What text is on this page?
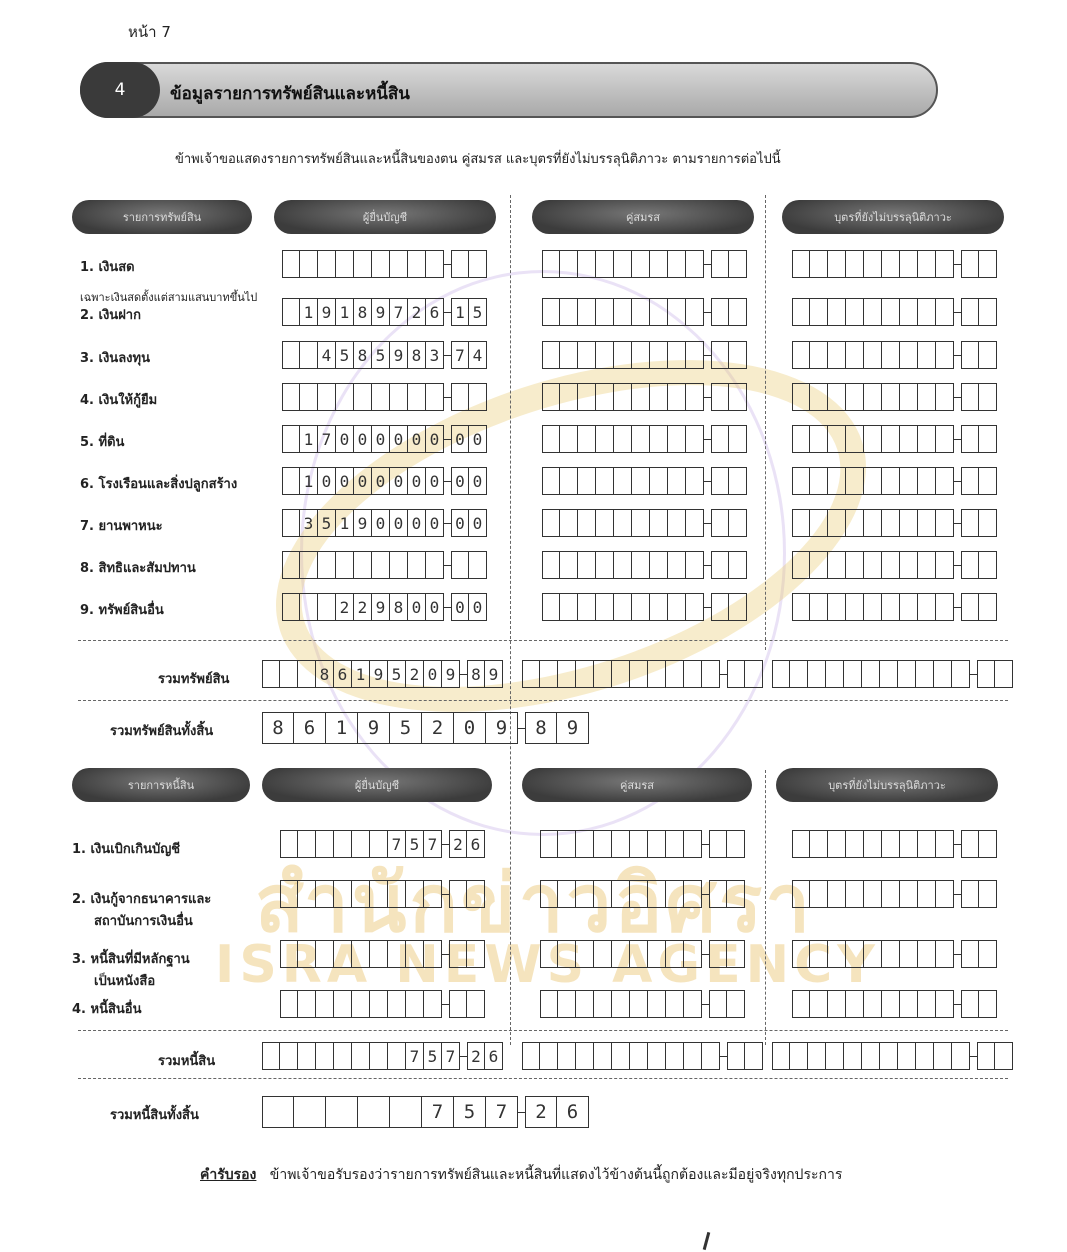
สำนักข่าวอิศรา
ISRA NEWS AGENCY
หน้า 7
4	ข้อมูลรายการทรัพย์สินและหนี้สิน
ข้าพเจ้าขอแสดงรายการทรัพย์สินและหนี้สินของตน คู่สมรส และบุตรที่ยังไม่บรรลุนิติภาวะ ตามรายการต่อไปนี้
รายการทรัพย์สิน	ผู้ยื่นบัญชี	คู่สมรส	บุตรที่ยังไม่บรรลุนิติภาวะ
1. เงินสด
เฉพาะเงินสดตั้งแต่สามแสนบาทขึ้นไป
2. เงินฝาก	1 9 1 8 9 7 2 6 1 5
3. เงินลงทุน	4 5 8 5 9 8 3 7 4
4. เงินให้กู้ยืม
5. ที่ดิน	1 7 0 0 0 0 0 0 0 0
6. โรงเรือนและสิ่งปลูกสร้าง	1 0 0 0 0 0 0 0 0 0
7. ยานพาหนะ	3 5 1 9 0 0 0 0 0 0
8. สิทธิและสัมปทาน
9. ทรัพย์สินอื่น	2 2 9 8 0 0 0 0
รวมทรัพย์สิน	8 6 1 9 5 2 0 9 8 9
รวมทรัพย์สินทั้งสิ้น	8	6	1	9	5	2	0	9	8	9
รายการหนี้สิน	ผู้ยื่นบัญชี	คู่สมรส	บุตรที่ยังไม่บรรลุนิติภาวะ
1. เงินเบิกเกินบัญชี	7 5 7 2 6
2. เงินกู้จากธนาคารและ
สถาบันการเงินอื่น
3. หนี้สินที่มีหลักฐาน
เป็นหนังสือ
4. หนี้สินอื่น
รวมหนี้สิน	7 5 7 2 6
รวมหนี้สินทั้งสิ้น	7	5	7	2	6
คำรับรอง ข้าพเจ้าขอรับรองว่ารายการทรัพย์สินและหนี้สินที่แสดงไว้ข้างต้นนี้ถูกต้องและมีอยู่จริงทุกประการ
